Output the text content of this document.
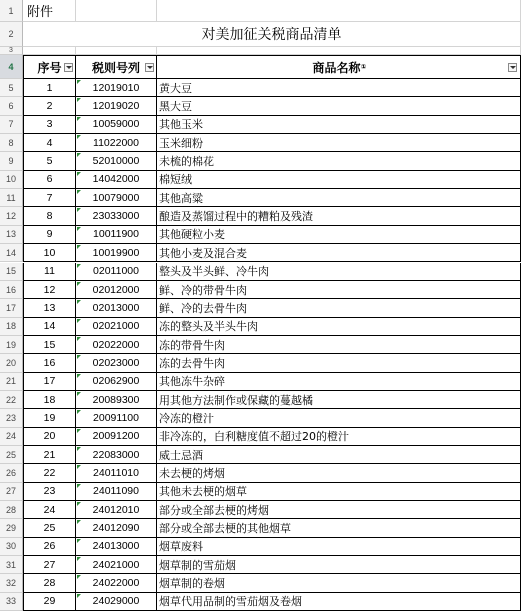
1	附件
2	对美加征关税商品清单
3
4	序号	税则号列	商品名称 ①
5	1	12019010 黄大豆
6	2	12019020 黑大豆
7	3	10059000 其他玉米
8	4	11022000 玉米细粉
9	5	52010000 未梳的棉花
10	6	14042000 棉短绒
11	7	10079000 其他高粱
12	8	23033000 酿造及蒸馏过程中的糟粕及残渣
13	9	10011900 其他硬粒小麦
14	10	10019900 其他小麦及混合麦
15	11	02011000 整头及半头鲜、冷牛肉
16	12	02012000 鲜、冷的带骨牛肉
17	13	02013000 鲜、冷的去骨牛肉
18	14	02021000 冻的整头及半头牛肉
19	15	02022000 冻的带骨牛肉
20	16	02023000 冻的去骨牛肉
21	17	02062900 其他冻牛杂碎
22	18	20089300 用其他方法制作或保藏的蔓越橘
23	19	20091100 冷冻的橙汁
24	20	20091200 非冷冻的，白利糖度值不超过20的橙汁
25	21	22083000 威士忌酒
26	22	24011010 未去梗的烤烟
27	23	24011090 其他未去梗的烟草
28	24	24012010 部分或全部去梗的烤烟
29	25	24012090 部分或全部去梗的其他烟草
30	26	24013000 烟草废料
31	27	24021000 烟草制的雪茄烟
32	28	24022000 烟草制的卷烟
33	29	24029000 烟草代用品制的雪茄烟及卷烟
